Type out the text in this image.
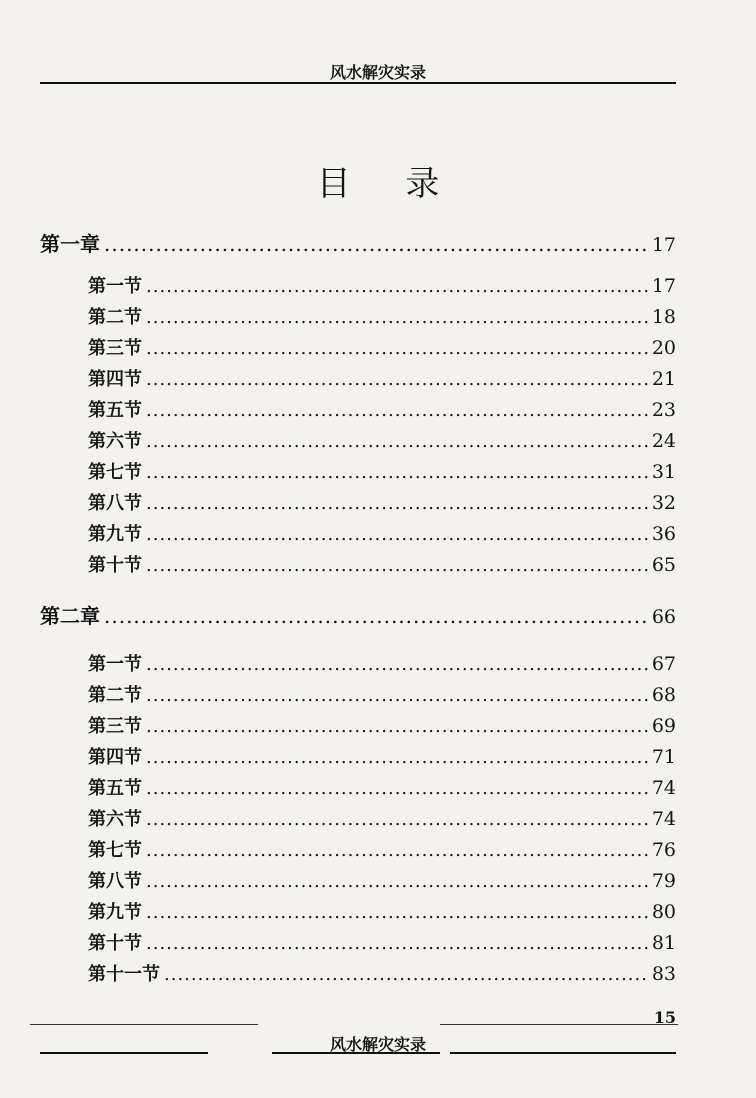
风水解灾实录
目 录
第一章 .....	17
第一节 .....	17
第二节 .....	18
第三节 .....	20
第四节 .....	21
第五节 .....	23
第六节 .....	24
第七节 .....	31
第八节 .....	32
第九节 .....	36
第十节 .....	65
第二章 .....	66
第一节 .....	67
第二节 .....	68
第三节 .....	69
第四节 .....	71
第五节 .....	74
第六节 .....	74
第七节 .....	76
第八节 .....	79
第九节 .....	80
第十节 .....	81
第十一节 .....	83
15
风水解灾实录
